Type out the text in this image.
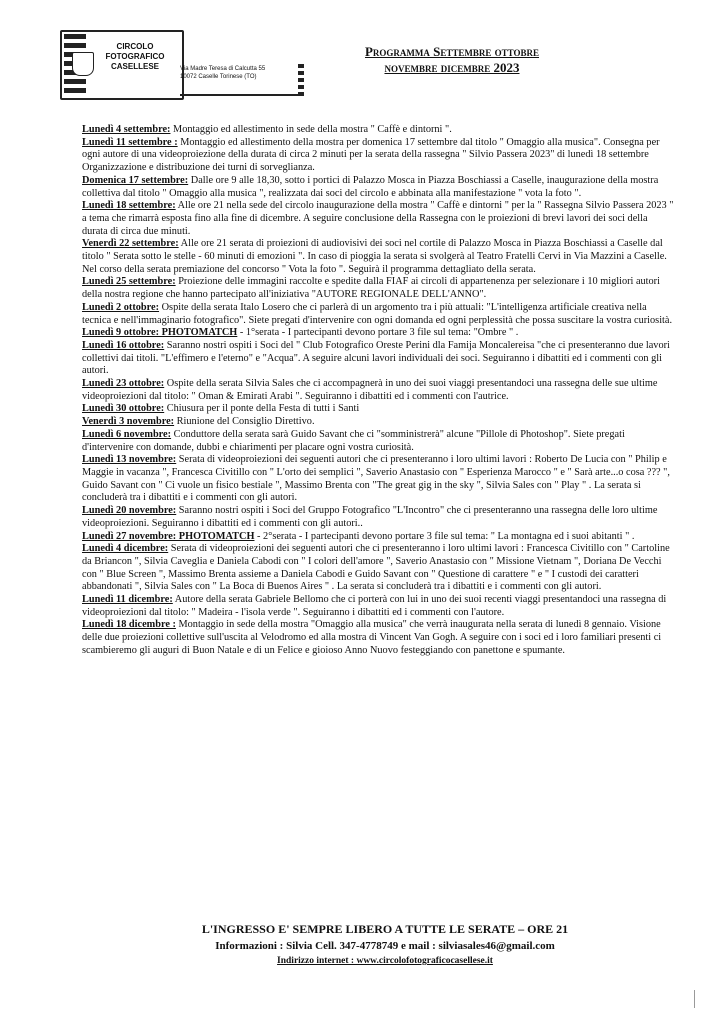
CIRCOLO
FOTOGRAFICO
CASELLESE	Via Madre Teresa di Calcutta 55
10072 Caselle Torinese (TO)
Programma Settembre ottobre
novembre dicembre 2023

Lunedì 4 settembre: Montaggio ed allestimento in sede della mostra " Caffè e dintorni ".

Lunedì 11 settembre : Montaggio ed allestimento della mostra per domenica 17 settembre dal titolo " Omaggio alla musica". Consegna per ogni autore di una videoproiezione della durata di circa 2 minuti per la serata della rassegna " Silvio Passera 2023" di lunedì 18 settembre Organizzazione e distribuzione dei turni di sorveglianza.

Domenica 17 settembre: Dalle ore 9 alle 18,30, sotto i portici di Palazzo Mosca in Piazza Boschiassi a Caselle, inaugurazione della mostra collettiva dal titolo " Omaggio alla musica ", realizzata dai soci del circolo e abbinata alla manifestazione " vota la foto ".

Lunedì 18 settembre: Alle ore 21 nella sede del circolo inaugurazione della mostra " Caffè e dintorni " per la " Rassegna Silvio Passera 2023 " a tema che rimarrà esposta fino alla fine di dicembre. A seguire conclusione della Rassegna con le proiezioni di brevi lavori dei soci della durata di circa due minuti.

Venerdì 22 settembre: Alle ore 21 serata di proiezioni di audiovisivi dei soci nel cortile di Palazzo Mosca in Piazza Boschiassi a Caselle dal titolo " Serata sotto le stelle - 60 minuti di emozioni ". In caso di pioggia la serata si svolgerà al Teatro Fratelli Cervi in Via Mazzini a Caselle. Nel corso della serata premiazione del concorso " Vota la foto ". Seguirà il programma dettagliato della serata.

Lunedì 25 settembre: Proiezione delle immagini raccolte e spedite dalla FIAF ai circoli di appartenenza per selezionare i 10 migliori autori della nostra regione che hanno partecipato all'iniziativa "AUTORE REGIONALE DELL'ANNO".

Lunedì 2 ottobre: Ospite della serata Italo Losero che ci parlerà di un argomento tra i più attuali: "L'intelligenza artificiale creativa nella tecnica e nell'immaginario fotografico". Siete pregati d'intervenire con ogni domanda ed ogni perplessità che possa suscitare la vostra curiosità.

Lunedì 9 ottobre: PHOTOMATCH - 1°serata - I partecipanti devono portare 3 file sul tema: "Ombre " .

Lunedì 16 ottobre: Saranno nostri ospiti i Soci del " Club Fotografico Oreste Perini dla Famija Moncalereisa "che ci presenteranno due lavori collettivi dai titoli. "L'effimero e l'eterno" e "Acqua". A seguire alcuni lavori individuali dei soci. Seguiranno i dibattiti ed i commenti con gli autori.

Lunedì 23 ottobre: Ospite della serata Silvia Sales che ci accompagnerà in uno dei suoi viaggi presentandoci una rassegna delle sue ultime videoproiezioni dal titolo: " Oman & Emirati Arabi ". Seguiranno i dibattiti ed i commenti con l'autrice.

Lunedì 30 ottobre: Chiusura per il ponte della Festa di tutti i Santi

Venerdì 3 novembre: Riunione del Consiglio Direttivo.

Lunedì 6 novembre: Conduttore della serata sarà Guido Savant che ci "somministrerà" alcune "Pillole di Photoshop". Siete pregati d'intervenire con domande, dubbi e chiarimenti per placare ogni vostra curiosità.

Lunedì 13 novembre: Serata di videoproiezioni dei seguenti autori che ci presenteranno i loro ultimi lavori : Roberto De Lucia con " Philip e Maggie in vacanza ", Francesca Civitillo con " L'orto dei semplici ", Saverio Anastasio con " Esperienza Marocco " e " Sarà arte...o cosa ??? ", Guido Savant con " Ci vuole un fisico bestiale ", Massimo Brenta con "The great gig in the sky ", Silvia Sales con " Play " . La serata si concluderà tra i dibattiti e i commenti con gli autori.

Lunedì 20 novembre: Saranno nostri ospiti i Soci del Gruppo Fotografico "L'Incontro" che ci presenteranno una rassegna delle loro ultime videoproiezioni. Seguiranno i dibattiti ed i commenti con gli autori..

Lunedì 27 novembre: PHOTOMATCH - 2°serata - I partecipanti devono portare 3 file sul tema: " La montagna ed i suoi abitanti " .

Lunedì 4 dicembre: Serata di videoproiezioni dei seguenti autori che ci presenteranno i loro ultimi lavori : Francesca Civitillo con " Cartoline da Briancon ", Silvia Caveglia e Daniela Cabodi con " I colori dell'amore ", Saverio Anastasio con " Missione Vietnam ", Doriana De Vecchi con " Blue Screen ", Massimo Brenta assieme a Daniela Cabodi e Guido Savant con " Questione di carattere " e " I custodi dei caratteri abbandonati ", Silvia Sales con " La Boca di Buenos Aires " . La serata si concluderà tra i dibattiti e i commenti con gli autori.

Lunedì 11 dicembre: Autore della serata Gabriele Bellomo che ci porterà con lui in uno dei suoi recenti viaggi presentandoci una rassegna di videoproiezioni dal titolo: " Madeira - l'isola verde ". Seguiranno i dibattiti ed i commenti con l'autore.

Lunedì 18 dicembre : Montaggio in sede della mostra "Omaggio alla musica" che verrà inaugurata nella serata di lunedì 8 gennaio. Visione delle due proiezioni collettive sull'uscita al Velodromo ed alla mostra di Vincent Van Gogh. A seguire con i soci ed i loro familiari presenti ci scambieremo gli auguri di Buon Natale e di un Felice e gioioso Anno Nuovo festeggiando con panettone e spumante.

L'INGRESSO E' SEMPRE LIBERO A TUTTE LE SERATE – ORE 21
Informazioni : Silvia Cell. 347-4778749 e mail : silviasales46@gmail.com
Indirizzo internet : www.circolofotograficocasellese.it
